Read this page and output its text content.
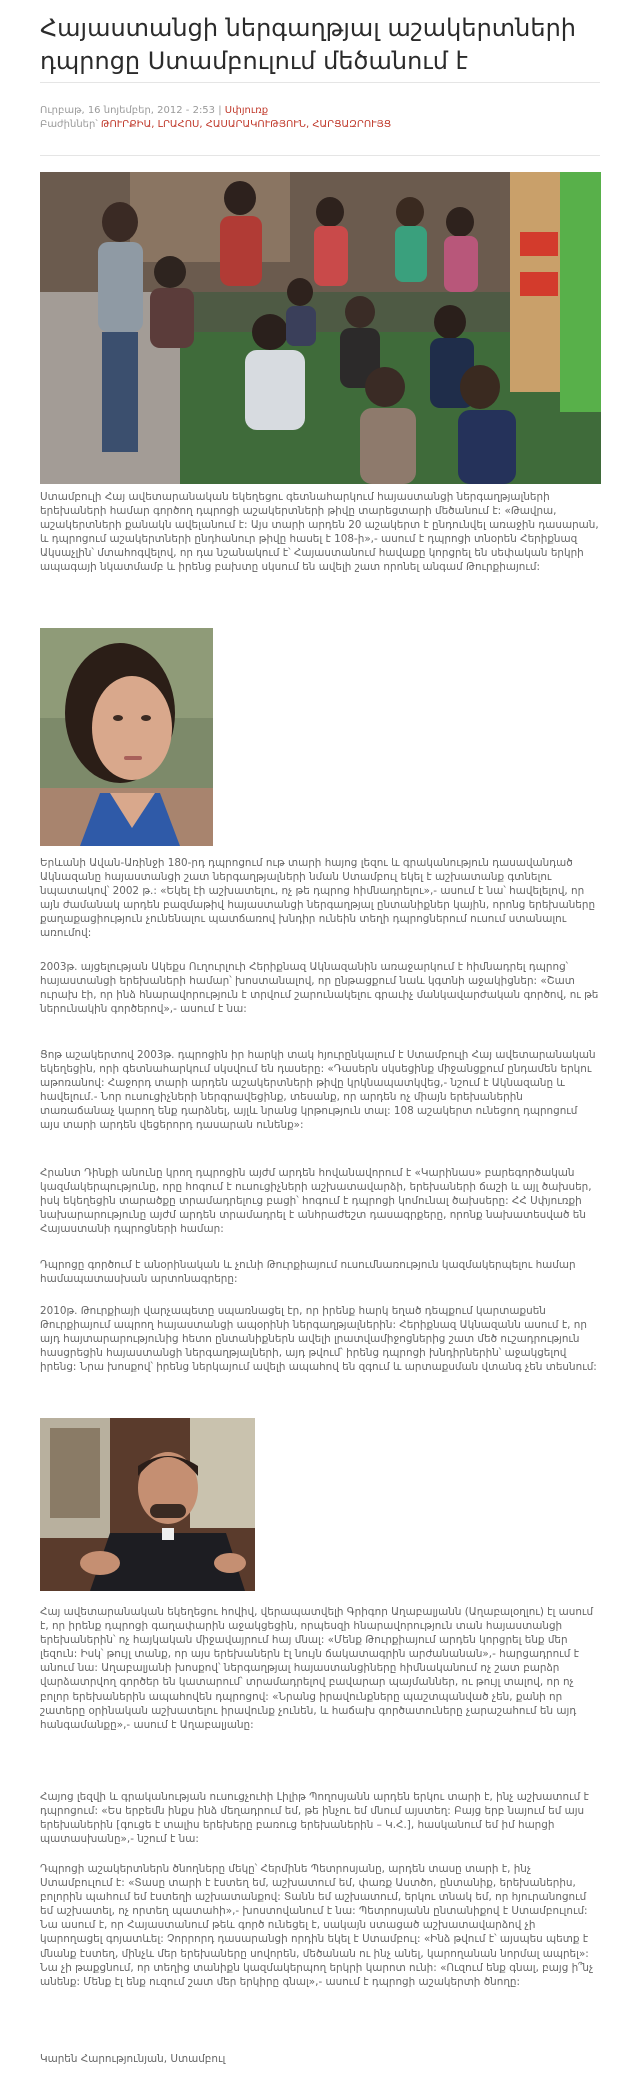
Հայաստանցի ներգաղթյալ աշակերտների
դպրոցը Ստամբուլում մեծանում է
Ուրբաթ, 16 նոյեմբեր, 2012 - 2:53 | Սփյուռք
Բաժիններ՝ ԹՈՒՐՔԻԱ, ԼՐԱՀՈՍ, ՀԱՍԱՐԱԿՈՒԹՅՈՒՆ, ՀԱՐՑԱԶՐՈՒՅՑ

Ստամբուլի Հայ ավետարանական եկեղեցու գետնահարկում հայաստանցի ներգաղթյալների երեխաների համար գործող դպրոցի աշակերտների թիվը տարեցտարի մեծանում է: «Թավրա, աշակերտների քանակն ավելանում է: Այս տարի արդեն 20 աշակերտ է ընդունվել առաջին դասարան, և դպրոցում աշակերտների ընդհանուր թիվը հասել է 108-ի»,- ասում է դպրոցի տնօրեն Հերիքնազ Ակսաչլին՝ մտահոգվելով, որ դա նշանակում է՝ Հայաստանում հավաքը կորցրել են սեփական երկրի ապագայի նկատմամբ և իրենց բախտը սկսում են ավելի շատ որոնել անգամ Թուրքիայում:

Երևանի Ավան-Առինջի 180-րդ դպրոցում ութ տարի հայոց լեզու և գրականություն դասավանդած Ակնազանը հայաստանցի շատ ներգաղթյալների նման Ստամբուլ եկել է աշխատանք գտնելու նպատակով՝ 2002 թ.: «Եկել էի աշխատելու, ոչ թե դպրոց հիմնադրելու»,- ասում է նա՝ հավելելով, որ այն ժամանակ արդեն բազմաթիվ հայաստանցի ներգաղթյալ ընտանիքներ կային, որոնց երեխաները քաղաքացիություն չունենալու պատճառով խնդիր ունեին տեղի դպրոցներում ուսում ստանալու առումով:

2003թ. այցելության Ակեքս Ուղուրլուի Հերիքնազ Ակնազանին առաջարկում է հիմնադրել դպրոց՝ հայաստանցի երեխաների համար՝ խոստանալով, որ ընթացքում նաև կգտնի աջակիցներ: «Շատ ուրախ էի, որ ինձ հնարավորություն է տրվում շարունակելու գրաւիչ մանկավարժական գործով, ու թե ներունակին գործերով»,- ասում է նա:

Ցոթ աշակերտով 2003թ. դպրոցին իր հարկի տակ հյուրընկալում է Ստամբուլի Հայ ավետարանական եկեղեցին, որի գետնահարկում սկսվում են դասերը: «Դասերն սկսեցինք միջանցքում ընդամեն երկու աթոռանով: Հաջորդ տարի արդեն աշակերտների թիվը կրկնապատկվեց,- նշում է Ակնազանը և հավելում.- Նոր ուսուցիչների ներգրավեցինք, տեսանք, որ արդեն ոչ միայն երեխաներին տառաճանաչ կարող ենք դարձնել, այլև նրանց կրթություն տալ: 108 աշակերտ ունեցող դպրոցում այս տարի արդեն վեցերորդ դասարան ունենք»:

Հրանտ Դինքի անունը կրող դպրոցին այժմ արդեն հովանավորում է «Կարինաս» բարեգործական կազմակերպությունը, որը հոգում է ուսուցիչների աշխատավարձի, երեխաների ճաշի և այլ ծախսեր, իսկ եկեղեցին տարածքը տրամադրելուց բացի՝ հոգում է դպրոցի կոմունալ ծախսերը: ՀՀ Սփյուռքի նախարարությունը այժմ արդեն տրամադրել է անհրաժեշտ դասագրքերը, որոնք նախատեսված են Հայաստանի դպրոցների համար:

Դպրոցը գործում է անօրինական և չունի Թուրքիայում ուսումնառություն կազմակերպելու համար համապատասխան արտոնագրերը:

2010թ. Թուրքիայի վարչապետը սպառնացել էր, որ իրենք հարկ եղած դեպքում կարտաքսեն Թուրքիայում ապրող հայաստանցի ապօրինի ներգաղթյալներին: Հերիքնազ Ակնազանն ասում է, որ այդ հայտարարությունից հետո ընտանիքներն ավելի լրատվամիջոցներից շատ մեծ ուշադրություն հասցրեցին հայաստանցի ներգաղթյալների, այդ թվում՝ իրենց դպրոցի խնդիրներին՝ աջակցելով իրենց: Նրա խոսքով՝ իրենց ներկայում ավելի ապահով են զգում և արտաքսման վտանգ չեն տեսնում:

Հայ ավետարանական եկեղեցու հովիվ, վերապատվելի Գրիգոր Աղաբալյանն (Աղաբալօղլու) էլ ասում է, որ իրենք դպրոցի գաղափարին աջակցեցին, որպեսզի հնարավորություն տան հայաստանցի երեխաներին՝ ոչ հայկական միջավայրում հայ մնալ: «Մենք Թուրքիայում արդեն կորցրել ենք մեր լեզուն: Իսկ՝ թույլ տանք, որ այս երեխաներն էլ նույն ճակատագրին արժանանան»,- հարցադրում է անում նա: Աղաբալյանի խոսքով՝ ներգաղթյալ հայաստանցիները հիմնականում ոչ շատ բարձր վարձատրվող գործեր են կատարում՝ տրամադրելով բավարար պայմաններ, ու թույլ տալով, որ ոչ բոլոր երեխաներին ապահովեն դպրոցով: «Նրանց իրավունքները պաշտպանված չեն, քանի որ շատերը օրինական աշխատելու իրավունք չունեն, և հաճախ գործատուները չարաշահում են այդ հանգամանքը»,- ասում է Աղաբալյանը:

Հայոց լեզվի և գրականության ուսուցչուհի Լիլիթ Պողոսյանն արդեն երկու տարի է, ինչ աշխատում է դպրոցում: «Ես երբեմն ինքս ինձ մեղադրում եմ, թե ինչու եմ մնում այստեղ: Բայց երբ նայում եմ այս երեխաներին [գուցե է տալիս երեխերը բառուց երեխաներին – Կ.Հ.], հասկանում եմ իմ հարցի պատասխանը»,- նշում է նա:

Դպրոցի աշակերտներն ծնողները մեկը՝ Հերմինե Պետրոսյանը, արդեն տասը տարի է, ինչ Ստամբուլում է: «Տասը տարի է էստեղ եմ, աշխատում եմ, փառք Աստծո, ընտանիք, երեխաներիս, բոլորին պահում եմ էստեղի աշխատանքով: Տանն եմ աշխատում, երկու տնակ եմ, որ հյուրանոցում եմ աշխատել, ոչ որտեղ պատահի»,- խոստովանում է նա: Պետրոսյանն ընտանիքով է Ստամբուլում: Նա ասում է, որ Հայաստանում թեև գործ ունեցել է, սակայն ստացած աշխատավարձով չի կարողացել գոյատևել: Չորրորդ դասարանցի որդին եկել է Ստամբուլ: «Ինձ թվում է՝ այսպես պետք է մնանք էստեղ, մինչև մեր երեխաները սովորեն, մեծանան ու ինչ անել, կարողանան նորմալ ապրել»: Նա չի թաքցնում, որ տեղից տանիքն կազմակերպող երկրի կարոտ ունի: «Ուզում ենք գնալ, բայց ի՞նչ անենք: Մենք էլ ենք ուզում շատ մեր երկիրը գնալ»,- ասում է դպրոցի աշակերտի ծնողը:

Կարեն Հարությունյան, Ստամբուլ
